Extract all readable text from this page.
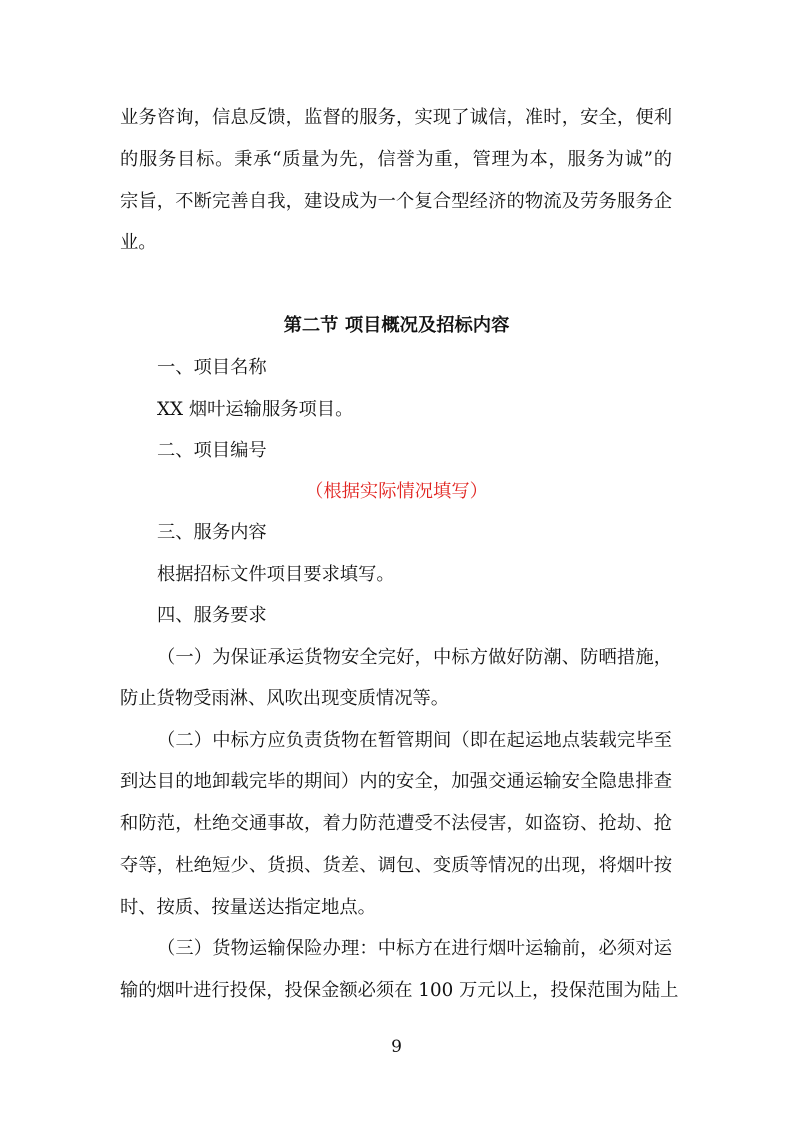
业务咨询，信息反馈，监督的服务，实现了诚信，准时，安全，便利
的服务目标。秉承“质量为先，信誉为重，管理为本，服务为诚”的
宗旨，不断完善自我，建设成为一个复合型经济的物流及劳务服务企
业。
第二节 项目概况及招标内容
一、项目名称
XX 烟叶运输服务项目。
二、项目编号
（根据实际情况填写）
三、服务内容
根据招标文件项目要求填写。
四、服务要求
（一）为保证承运货物安全完好，中标方做好防潮、防晒措施，
防止货物受雨淋、风吹出现变质情况等。
（二）中标方应负责货物在暂管期间（即在起运地点装载完毕至
到达目的地卸载完毕的期间）内的安全，加强交通运输安全隐患排查
和防范，杜绝交通事故，着力防范遭受不法侵害，如盗窃、抢劫、抢
夺等，杜绝短少、货损、货差、调包、变质等情况的出现，将烟叶按
时、按质、按量送达指定地点。
（三）货物运输保险办理：中标方在进行烟叶运输前，必须对运
输的烟叶进行投保，投保金额必须在 100 万元以上，投保范围为陆上
9
